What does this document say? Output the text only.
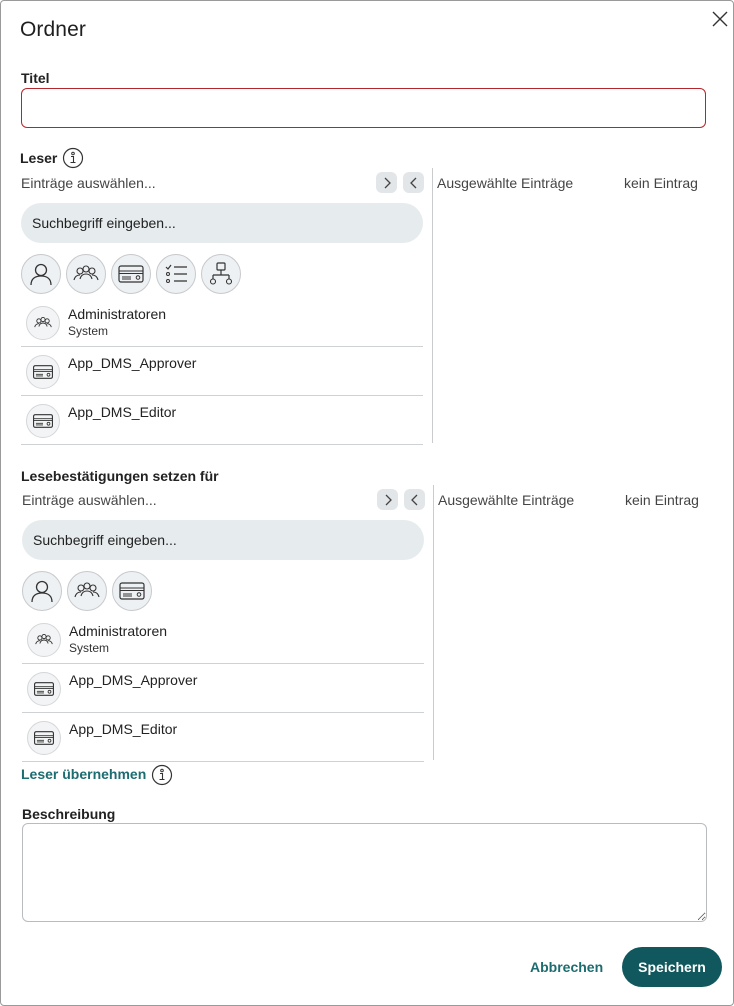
Ordner
Titel
Leser
Einträge auswählen...
Suchbegriff eingeben...
Administratoren
System
App_DMS_Approver
App_DMS_Editor
Ausgewählte Einträge	kein Eintrag
Lesebestätigungen setzen für
Einträge auswählen...
Suchbegriff eingeben...
Administratoren
System
App_DMS_Approver
App_DMS_Editor
Ausgewählte Einträge	kein Eintrag
Leser übernehmen
Beschreibung
Abbrechen	Speichern
